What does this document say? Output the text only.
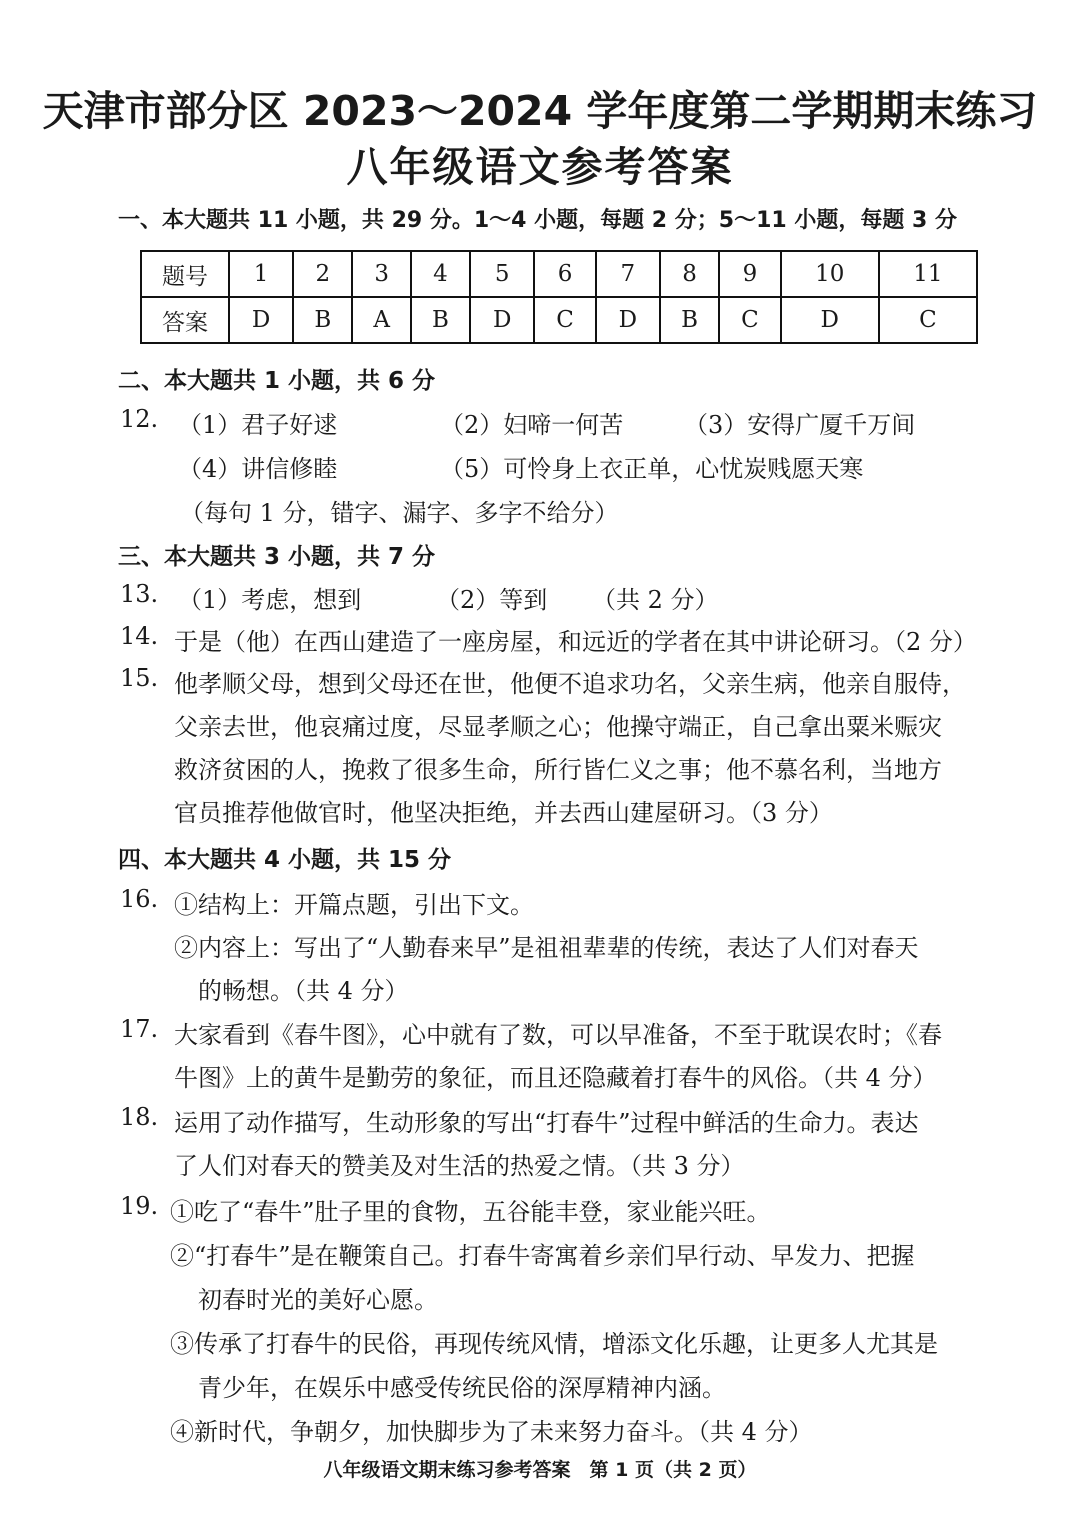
天津市部分区 2023～2024 学年度第二学期期末练习
八年级语文参考答案
一、本大题共 11 小题，共 29 分。1～4 小题，每题 2 分；5～11 小题，每题 3 分
题号	1	2	3	4	5	6	7	8	9	10	11
答案	D	B	A	B	D	C	D	B	C	D	C
二、本大题共 1 小题，共 6 分
12. （1）君子好逑	（2）妇啼一何苦	（3）安得广厦千万间
（4）讲信修睦	（5）可怜身上衣正单，心忧炭贱愿天寒
（每句 1 分，错字、漏字、多字不给分）
三、本大题共 3 小题，共 7 分
13. （1）考虑，想到	（2）等到 （共 2 分）
14. 于是（他）在西山建造了一座房屋，和远近的学者在其中讲论研习。（2 分）
15. 他孝顺父母，想到父母还在世，他便不追求功名，父亲生病，他亲自服侍，
父亲去世，他哀痛过度，尽显孝顺之心；他操守端正，自己拿出粟米赈灾
救济贫困的人，挽救了很多生命，所行皆仁义之事；他不慕名利，当地方
官员推荐他做官时，他坚决拒绝，并去西山建屋研习。（3 分）
四、本大题共 4 小题，共 15 分
16. ①结构上：开篇点题，引出下文。
②内容上：写出了“人勤春来早”是祖祖辈辈的传统，表达了人们对春天
的畅想。（共 4 分）
17. 大家看到《春牛图》，心中就有了数，可以早准备，不至于耽误农时；《春
牛图》上的黄牛是勤劳的象征，而且还隐藏着打春牛的风俗。（共 4 分）
18. 运用了动作描写，生动形象的写出“打春牛”过程中鲜活的生命力。表达
了人们对春天的赞美及对生活的热爱之情。（共 3 分）
19. ①吃了“春牛”肚子里的食物，五谷能丰登，家业能兴旺。
②“打春牛”是在鞭策自己。打春牛寄寓着乡亲们早行动、早发力、把握
初春时光的美好心愿。
③传承了打春牛的民俗，再现传统风情，增添文化乐趣，让更多人尤其是
青少年，在娱乐中感受传统民俗的深厚精神内涵。
④新时代，争朝夕，加快脚步为了未来努力奋斗。（共 4 分）
八年级语文期末练习参考答案　第 1 页（共 2 页）
